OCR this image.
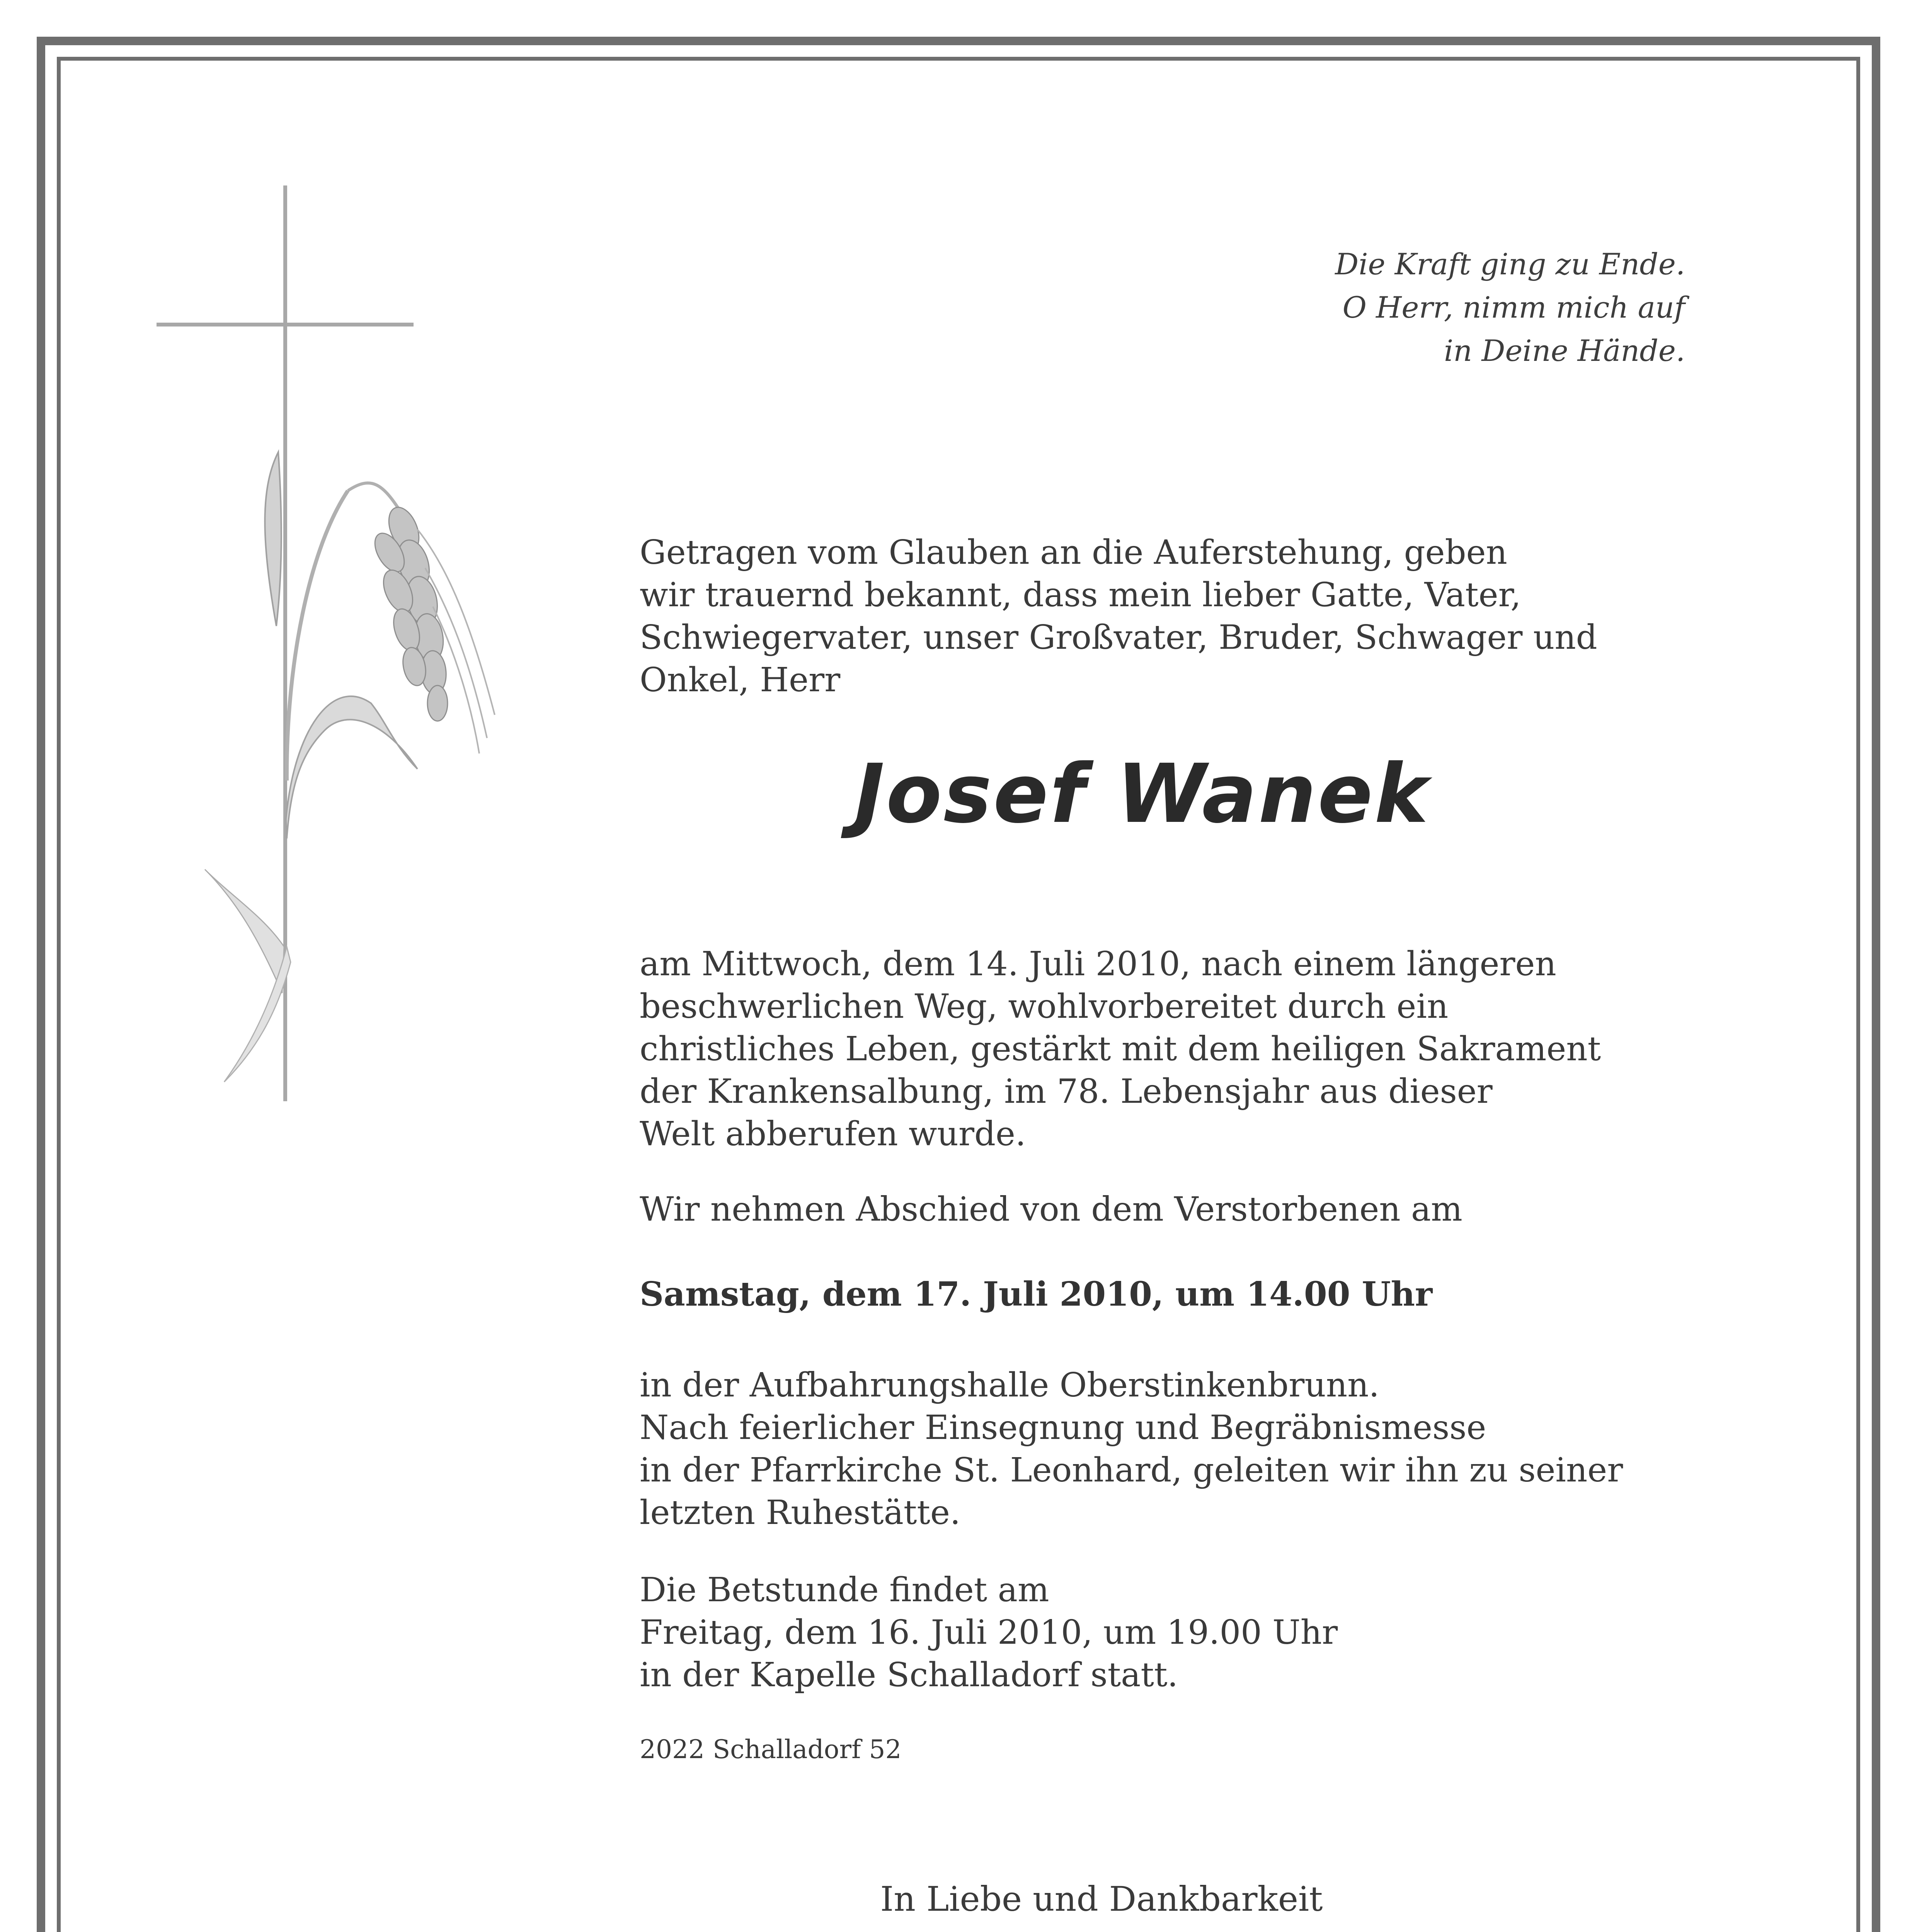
Die Kraft ging zu Ende.
O Herr, nimm mich auf
in Deine Hände.
Getragen vom Glauben an die Auferstehung, geben
wir trauernd bekannt, dass mein lieber Gatte, Vater,
Schwiegervater, unser Großvater, Bruder, Schwager und
Onkel, Herr
Josef Wanek
am Mittwoch, dem 14. Juli 2010, nach einem längeren
beschwerlichen Weg, wohlvorbereitet durch ein
christliches Leben, gestärkt mit dem heiligen Sakrament
der Krankensalbung, im 78. Lebensjahr aus dieser
Welt abberufen wurde.
Wir nehmen Abschied von dem Verstorbenen am
Samstag, dem 17. Juli 2010, um 14.00 Uhr
in der Aufbahrungshalle Oberstinkenbrunn.
Nach feierlicher Einsegnung und Begräbnismesse
in der Pfarrkirche St. Leonhard, geleiten wir ihn zu seiner
letzten Ruhestätte.
Die Betstunde findet am
Freitag, dem 16. Juli 2010, um 19.00 Uhr
in der Kapelle Schalladorf statt.
2022 Schalladorf 52
In Liebe und Dankbarkeit
